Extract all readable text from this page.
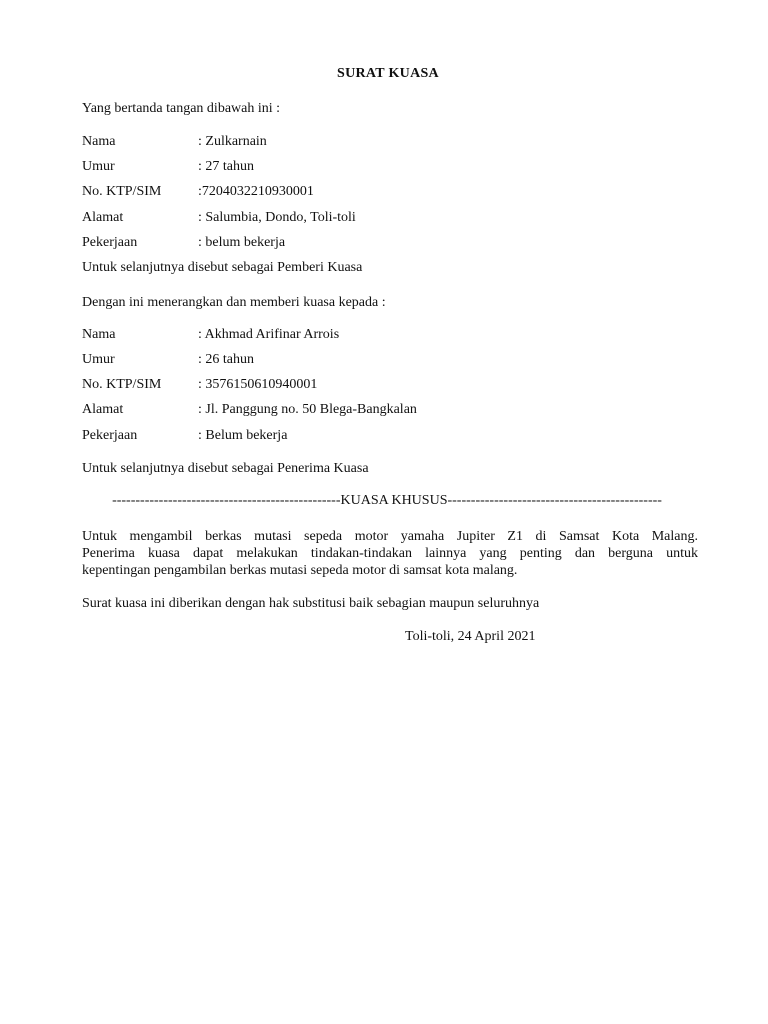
SURAT KUASA
Yang bertanda tangan dibawah ini :
Nama	: Zulkarnain
Umur	: 27 tahun
No. KTP/SIM	:7204032210930001
Alamat	: Salumbia, Dondo, Toli-toli
Pekerjaan	: belum bekerja
Untuk selanjutnya disebut sebagai Pemberi Kuasa
Dengan ini menerangkan dan memberi kuasa kepada :
Nama	: Akhmad Arifinar Arrois
Umur	: 26 tahun
No. KTP/SIM	: 3576150610940001
Alamat	: Jl. Panggung no. 50 Blega-Bangkalan
Pekerjaan	: Belum bekerja
Untuk selanjutnya disebut sebagai Penerima Kuasa
-------------------------------------------------KUASA KHUSUS----------------------------------------------
Untuk mengambil berkas mutasi sepeda motor yamaha Jupiter Z1 di Samsat Kota Malang.
Penerima kuasa dapat melakukan tindakan-tindakan lainnya yang penting dan berguna untuk
kepentingan pengambilan berkas mutasi sepeda motor di samsat kota malang.
Surat kuasa ini diberikan dengan hak substitusi baik sebagian maupun seluruhnya
Toli-toli, 24 April 2021
